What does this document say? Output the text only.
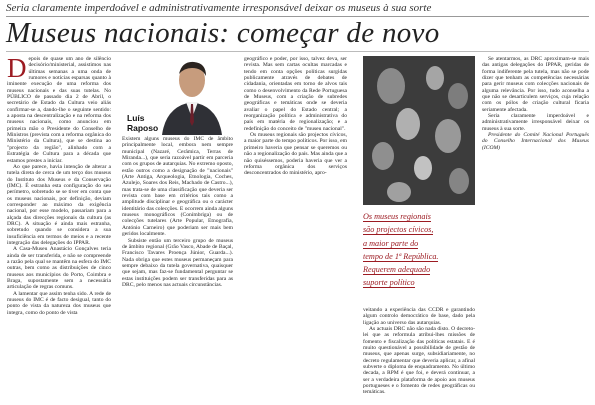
Seria claramente imperdoável e administrativamente irresponsável deixar os museus à sua sorte
Museus nacionais: começar de novo
D epois de quase um ano de silêncio decisório/ministerial, assistimos nas últimas semanas a uma onda de rumores e notícias esparsas quanto à iminente execução de uma reforma dos museus nacionais e das suas tutelas. No PÚBLICO de passado dia 2 de Abril, o secretário de Estado da Cultura veio aliás confirmar-se a, dando-lhe o seguinte sentido: a aposta na descentralização e na reforma dos museus nacionais, como anunciou em primeira mão o Presidente do Conselho de Ministros (prevista com a reforma orgânica do Ministério da Cultura), que se destina ao "projecto da região", alinhado com a Estratégia de Cultura para a década que estamos prestes a iniciar.

Ao que parece, havia intenção de alterar a tutela direta de cerca de um terço dos museus do Instituto dos Museus e da Conservação (IMC). É estranha esta configuração do seu perímetro, sobretudo se se tiver em conta que os museus nacionais, por definição, deviam corresponder ao máximo da exigência nacional, por esse modelo, passariam para a alçada das direcções regionais da cultura (as DRC). A situação é ainda mais estranha, sobretudo quando se considera a sua insuficiência em termos de meios e a recente integração das delegações do IPPAR.

A Casa-Museu Anastácio Gonçalves teria ainda de ser transferida, e não se compreende a razão pela qual se mantêm na esfera do IMC outras, bem como as distribuições de cinco museus aos municípios do Porto, Coimbra e Braga, supostamente sem a necessária articulação de regras comuns.

A lamentar que assim tenha sido. A rede de museus do IMC é de facto desigual, tanto do ponto de vista da natureza dos museus que integra, como do ponto de vista

Existem alguns museus do IMC de âmbito principalmente local, embora nem sempre municipal (Nazaré, Cerâmica, Terras de Miranda...), que seria razoável partir em parceria com os grupos de autarquias. No extremo oposto, estão outros como a designação de "nacionais" (Arte Antiga, Arqueologia, Etnologia, Coches, Azulejo, Soares dos Reis, Machado de Castro...), mas trata-se de uma classificação que deveria ser revista com base em critérios tais como a amplitude disciplinar e geográfica ou o carácter identitário das colecções. E ocorrem ainda alguns museus monográficos (Conímbriga) ou de colecções tutelares (Arte Popular, Etnografia, António Carneiro) que poderiam ser mais bem geridos localmente.

Subsiste então um terceiro grupo de museus de âmbito regional (Grão Vasco, Abade de Baçal, Francisco Tavares Proença Júnior, Guarda...). Nada obriga que estes museus permaneçam para sempre debaixo da tutela governativa, quaisquer que sejam, mas faz-se fundamental perguntar se estas instituições podem ser transferidas para as DRC, pelo menos nas actuais circunstâncias.

Luís
Raposo

geográfico e poder, por isso, talvez deva, ser revista. Mas sem cartas ocultas marcadas e tendo em conta opções políticas surgidas publicamente através de debates de cidadania, orientadas em torno de alvos tais como o desenvolvimento da Rede Portuguesa de Museus, com a criação de subredes geográficas e temáticas onde se deveria avaliar o papel do Estado central; a reorganização política e administrativa do país em matéria de regionalização; e a redefinição do conceito de "museu nacional".

Os museus regionais são projectos cívicos, a maior parte do tempo políticos. Por isso, em primeiro haveria que pensar se queremos ou não a regionalização do país. Mas ainda que a não quiséssemos, poderia haveria que ver a reforma orgânica dos serviços desconcentrados do ministério, apro-

Os museus regionais
são projectos cívicos,
a maior parte do
tempo de 1ª República.
Requerem adequado
suporte político

veitando a experiência das CCDR e garantindo algum controlo democrático de base, dado pela ligação ao universo das autarquias.

As actuais DRC não são nada disto. O decreto-lei que as reformula atribui-lhes missões de fomento e fiscalização das políticas estatais. E é muito questionável a possibilidade de gestão de museus, que apenas surge, subsidiariamente, no decreto regulamentar que deveria aplicar, a afinal subverte o diploma de enquadramento. No último decada, a RPM é que foi, e deverá continuar, a ser a verdadeira plataforma de apoio aos museus portugueses e o fomento de redes geográficas ou temáticas.

Se atentarmos, as DRC aproximam-se mais das antigas delegações do IPPAR, geridas de forma indiferente pela tutela, mas não se pode dizer que tenham as competências necessárias para gerir museus com colecções nacionais de alguma relevância. Por isso, tudo aconselha a que não se desarticulem serviços, cuja relação com os pólos de criação cultural ficaria seriamente afectada.

Seria claramente imperdoável e administrativamente irresponsável deixar os museus à sua sorte.

Presidente do Comité Nacional Português do Conselho Internacional dos Museus (ICOM)
